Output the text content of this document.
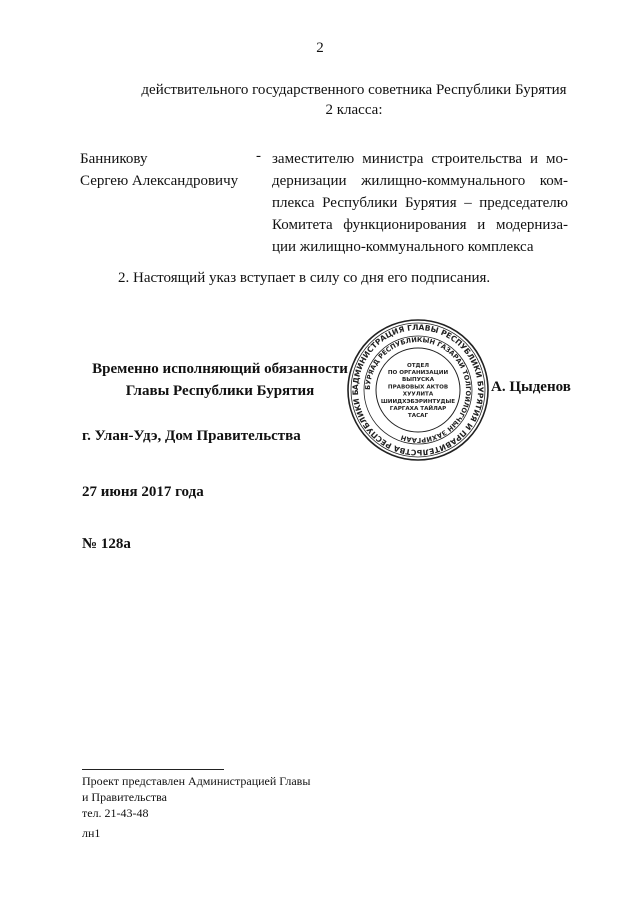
2
действительного государственного советника Республики Бурятия
2 класса:
Банникову
Сергею Александровичу
- заместителю министра строительства и мо-
дернизации жилищно-коммунального ком-
плекса Республики Бурятия – председателю
Комитета функционирования и модерниза-
ции жилищно-коммунального комплекса
2. Настоящий указ вступает в силу со дня его подписания.
Временно исполняющий обязанности
Главы Республики Бурятия	АДМИНИСТРАЦИЯ ГЛАВЫ РЕСПУБЛИКИ БУРЯТИЯ И ПРАВИТЕЛЬСТВА РЕСПУБЛИКИ Б
БУРЯАД РЕСПУБЛИКЫН ГАЗАРАЙ ТОЛГОЙЛОГЧЫН ЗАХИРГААН
ОТДЕЛ
ПО ОРГАНИЗАЦИИ
ВЫПУСКА
ПРАВОВЫХ АКТОВ
ХУУЛИТА
ШИИДХЭБЭРИНТУДЫЕ
ГАРГАХА ТАЙЛАР
ТАСАГ
А. Цыденов
г. Улан-Удэ, Дом Правительства
27 июня 2017 года
№ 128а
Проект представлен Администрацией Главы
и Правительства
тел. 21-43-48
лн1
